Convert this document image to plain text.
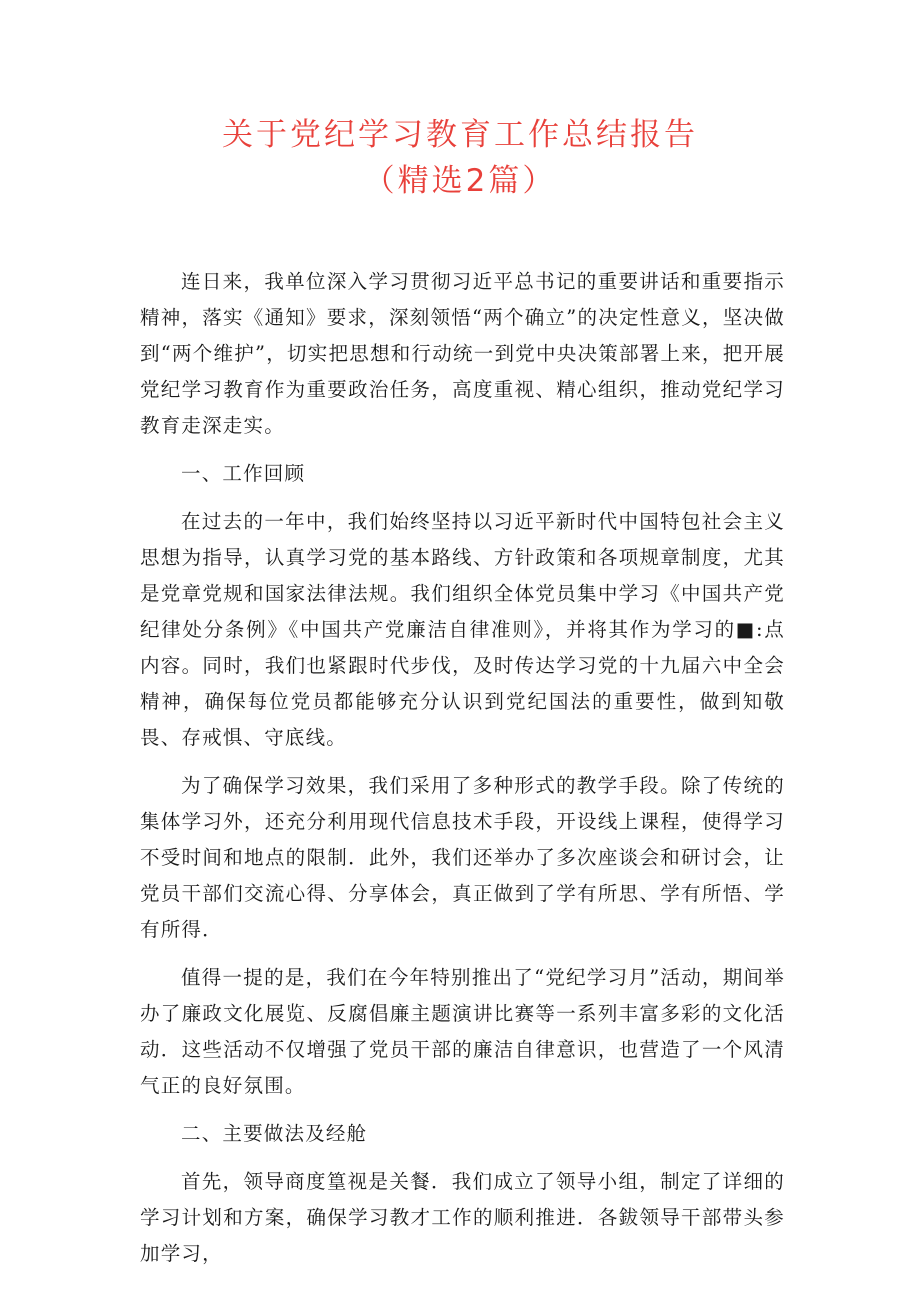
关于党纪学习教育工作总结报告
（精选2篇）

连日来，我单位深入学习贯彻习近平总书记的重要讲话和重要指示精神，落实《通知》要求，深刻领悟“两个确立”的决定性意义，坚决做到“两个维护”，切实把思想和行动统一到党中央决策部署上来，把开展党纪学习教育作为重要政治任务，高度重视、精心组织，推动党纪学习教育走深走实。

一、工作回顾

在过去的一年中，我们始终坚持以习近平新时代中国特包社会主义思想为指导，认真学习党的基本路线、方针政策和各项规章制度，尤其是党章党规和国家法律法规。我们组织全体党员集中学习《中国共产党纪律处分条例》《中国共产党廉洁自律准则》，并将其作为学习的■:点内容。同时，我们也紧跟时代步伐，及时传达学习党的十九届六中全会精神，确保每位党员都能够充分认识到党纪国法的重要性，做到知敬畏、存戒惧、守底线。

为了确保学习效果，我们采用了多种形式的教学手段。除了传统的集体学习外，还充分利用现代信息技术手段，开设线上课程，使得学习不受时间和地点的限制．此外，我们还举办了多次座谈会和研讨会，让党员干部们交流心得、分享体会，真正做到了学有所思、学有所悟、学有所得．

值得一提的是，我们在今年特别推出了“党纪学习月”活动，期间举办了廉政文化展览、反腐倡廉主题演讲比赛等一系列丰富多彩的文化活动．这些活动不仅增强了党员干部的廉洁自律意识，也营造了一个风清气正的良好氛围。

二、主要做法及经舱

首先，领导商度篁视是关餐．我们成立了领导小组，制定了详细的学习计划和方案，确保学习教才工作的顺利推进．各鈸领导干部带头参加学习，
